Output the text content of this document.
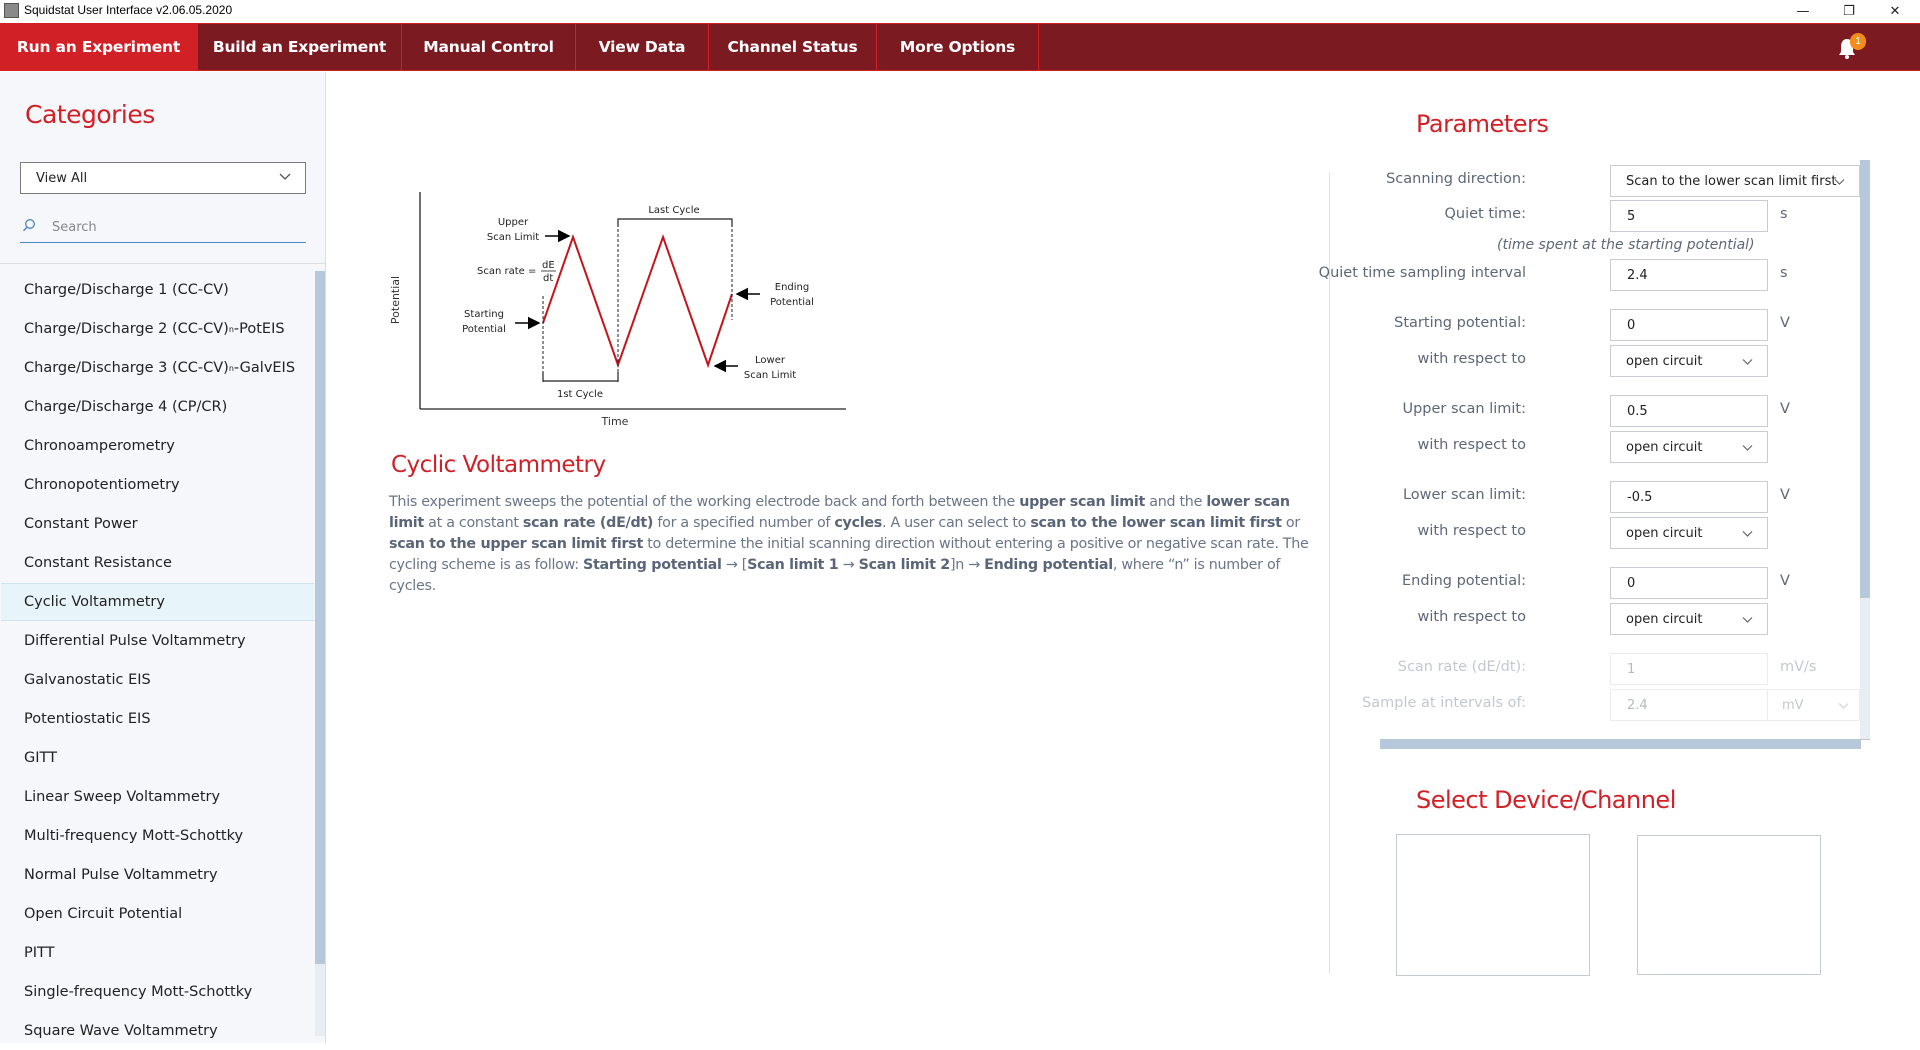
Squidstat User Interface v2.06.05.2020	—	❐	✕
Run an Experiment	Build an Experiment	Manual Control	View Data	Channel Status	More Options	1
Categories
View All
Search
Charge/Discharge 1 (CC-CV)
Charge/Discharge 2 (CC-CV) n -PotEIS
Charge/Discharge 3 (CC-CV) n -GalvEIS
Charge/Discharge 4 (CP/CR)
Chronoamperometry
Chronopotentiometry
Constant Power
Constant Resistance
Cyclic Voltammetry
Differential Pulse Voltammetry
Galvanostatic EIS
Potentiostatic EIS
GITT
Linear Sweep Voltammetry
Multi-frequency Mott-Schottky
Normal Pulse Voltammetry
Open Circuit Potential
PITT
Single-frequency Mott-Schottky
Square Wave Voltammetry
Potential
Time
1st Cycle
Last Cycle
Upper
Scan Limit
Scan rate =
dE
dt
Starting
Potential
Ending
Potential
Lower
Scan Limit
Cyclic Voltammetry
This experiment sweeps the potential of the working electrode back and forth between the upper scan limit and the lower scan limit at a constant scan rate (dE/dt) for a specified number of cycles. A user can select to scan to the lower scan limit first or scan to the upper scan limit first to determine the initial scanning direction without entering a positive or negative scan rate. The cycling scheme is as follow: Starting potential → [Scan limit 1 → Scan limit 2]n → Ending potential, where “n” is number of cycles.
Parameters
Scanning direction:	Scan to the lower scan limit first
Quiet time:
5	s
(time spent at the starting potential)
Quiet time sampling interval
2.4	s
Starting potential:
0	V
with respect to	open circuit
Upper scan limit:
0.5	V
with respect to	open circuit
Lower scan limit:
-0.5	V
with respect to	open circuit
Ending potential:
0	V
with respect to	open circuit
Scan rate (dE/dt):
1	mV/s
Sample at intervals of:
2.4	mV
Select Device/Channel
